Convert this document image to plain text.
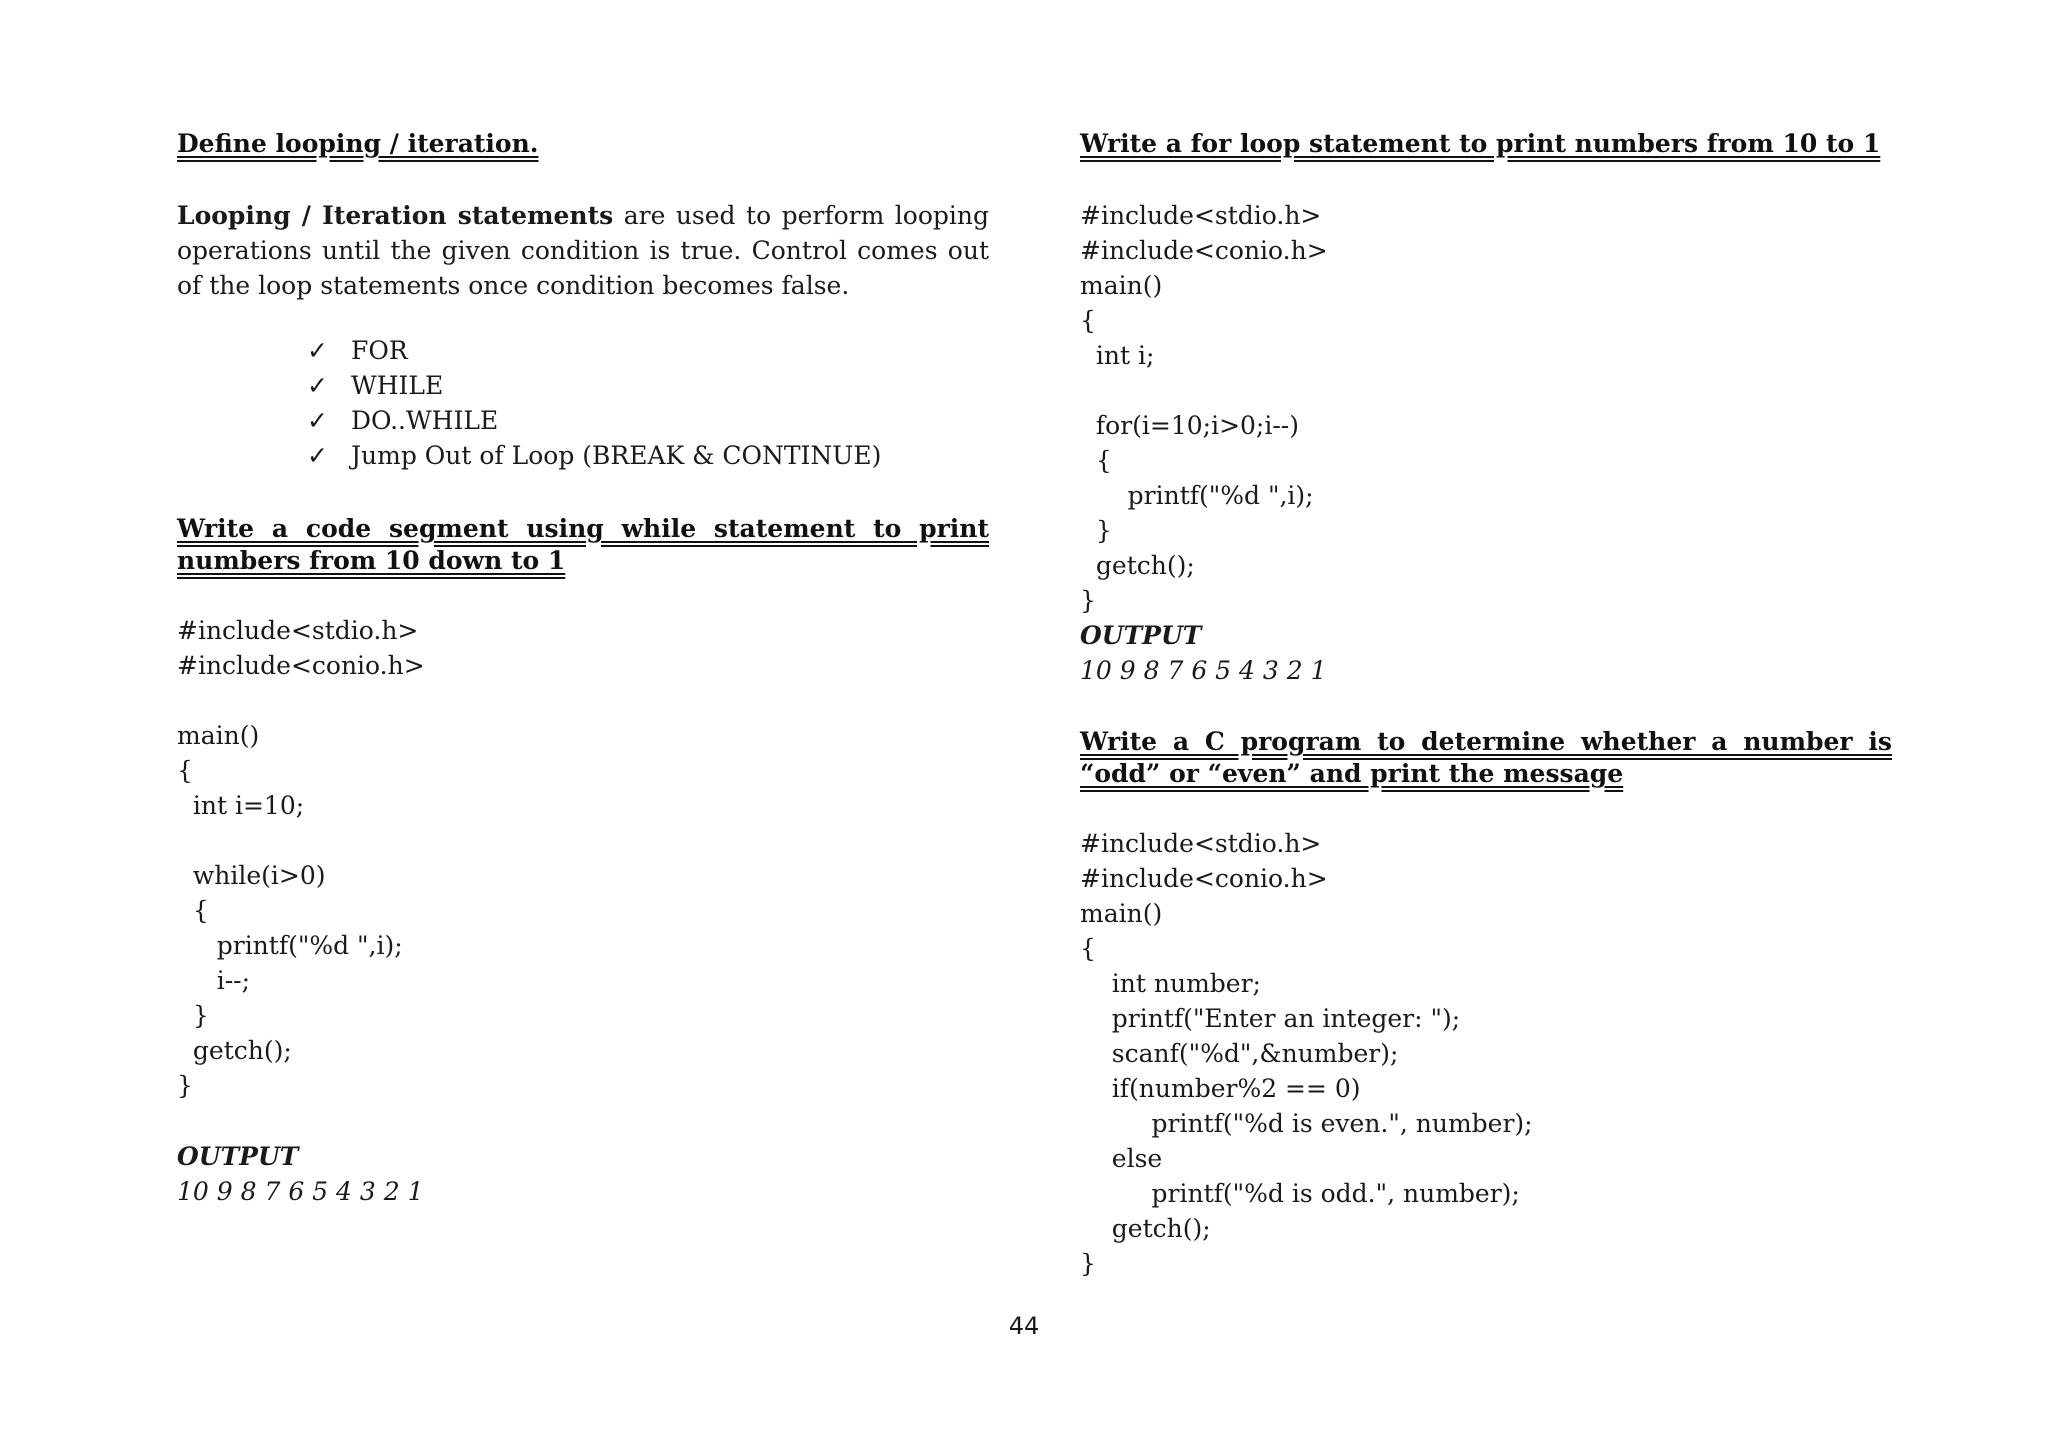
Define looping / iteration.

Looping / Iteration statements are used to perform looping operations until the given condition is true. Control comes out of the loop statements once condition becomes false.

✓ FOR
✓ WHILE
✓ DO..WHILE
✓ Jump Out of Loop (BREAK & CONTINUE)
Write a code segment using while statement to print numbers from 10 down to 1
#include<stdio.h>
#include<conio.h>
main()
{
int i=10;
while(i>0)
{
printf("%d ",i);
i--;
}
getch();
}
OUTPUT
10 9 8 7 6 5 4 3 2 1
Write a for loop statement to print numbers from 10 to 1
#include<stdio.h>
#include<conio.h>
main()
{
int i;
for(i=10;i>0;i--)
{
printf("%d ",i);
}
getch();
}
OUTPUT
10 9 8 7 6 5 4 3 2 1
Write a C program to determine whether a number is “odd” or “even” and print the message
#include<stdio.h>
#include<conio.h>
main()
{
int number;
printf("Enter an integer: ");
scanf("%d",&number);
if(number%2 == 0)
printf("%d is even.", number);
else
printf("%d is odd.", number);
getch();
}
44
